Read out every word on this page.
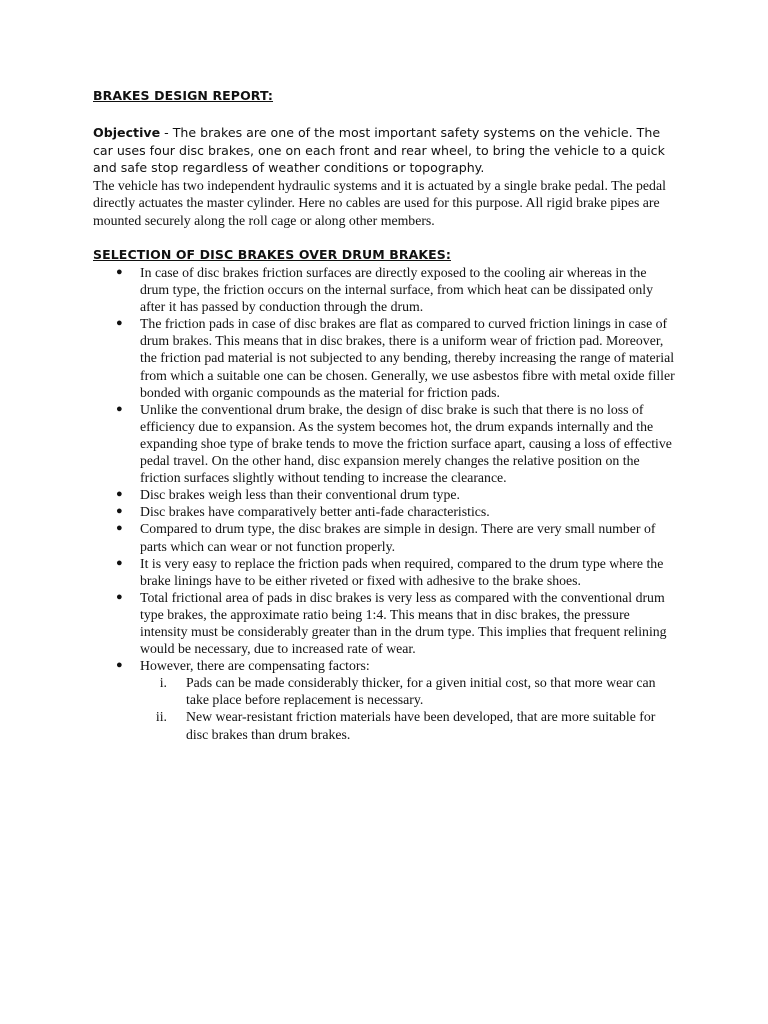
BRAKES DESIGN REPORT:

Objective - The brakes are one of the most important safety systems on the vehicle. The car uses four disc brakes, one on each front and rear wheel, to bring the vehicle to a quick and safe stop regardless of weather conditions or topography.

The vehicle has two independent hydraulic systems and it is actuated by a single brake pedal. The pedal directly actuates the master cylinder. Here no cables are used for this purpose. All rigid brake pipes are mounted securely along the roll cage or along other members.

SELECTION OF DISC BRAKES OVER DRUM BRAKES:
● In case of disc brakes friction surfaces are directly exposed to the cooling air whereas in the drum type, the friction occurs on the internal surface, from which heat can be dissipated only after it has passed by conduction through the drum.
● The friction pads in case of disc brakes are flat as compared to curved friction linings in case of drum brakes. This means that in disc brakes, there is a uniform wear of friction pad. Moreover, the friction pad material is not subjected to any bending, thereby increasing the range of material from which a suitable one can be chosen. Generally, we use asbestos fibre with metal oxide filler bonded with organic compounds as the material for friction pads.
● Unlike the conventional drum brake, the design of disc brake is such that there is no loss of efficiency due to expansion. As the system becomes hot, the drum expands internally and the expanding shoe type of brake tends to move the friction surface apart, causing a loss of effective pedal travel. On the other hand, disc expansion merely changes the relative position on the friction surfaces slightly without tending to increase the clearance.
● Disc brakes weigh less than their conventional drum type.
● Disc brakes have comparatively better anti-fade characteristics.
● Compared to drum type, the disc brakes are simple in design. There are very small number of parts which can wear or not function properly.
● It is very easy to replace the friction pads when required, compared to the drum type where the brake linings have to be either riveted or fixed with adhesive to the brake shoes.
● Total frictional area of pads in disc brakes is very less as compared with the conventional drum type brakes, the approximate ratio being 1:4. This means that in disc brakes, the pressure intensity must be considerably greater than in the drum type. This implies that frequent relining would be necessary, due to increased rate of wear.
● However, there are compensating factors:
i. Pads can be made considerably thicker, for a given initial cost, so that more wear can take place before replacement is necessary.
ii. New wear-resistant friction materials have been developed, that are more suitable for disc brakes than drum brakes.
